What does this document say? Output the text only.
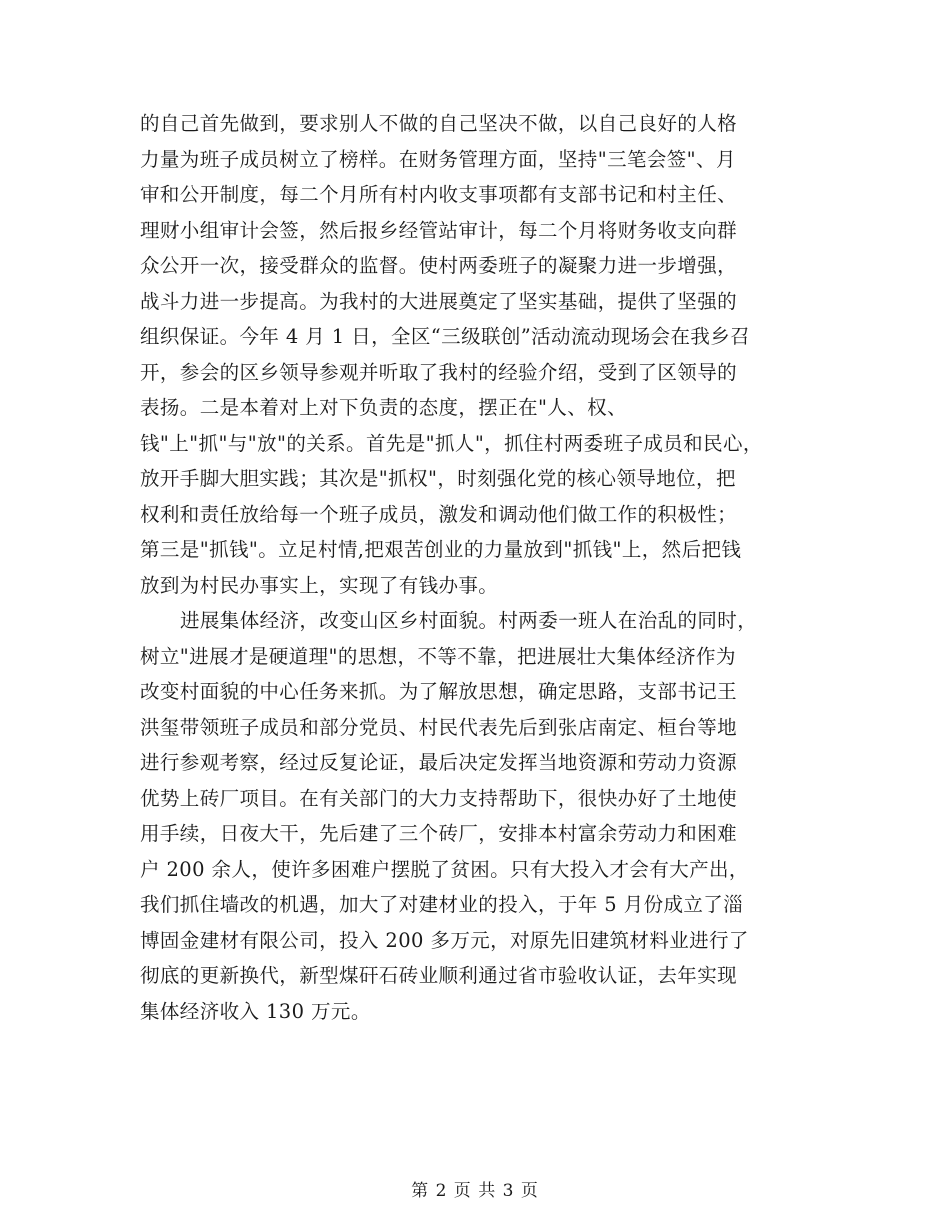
的自己首先做到，要求别人不做的自己坚决不做，以自己良好的人格
力量为班子成员树立了榜样。在财务管理方面，坚持"三笔会签"、月
审和公开制度，每二个月所有村内收支事项都有支部书记和村主任、
理财小组审计会签，然后报乡经管站审计，每二个月将财务收支向群
众公开一次，接受群众的监督。使村两委班子的凝聚力进一步增强，
战斗力进一步提高。为我村的大进展奠定了坚实基础，提供了坚强的
组织保证。今年 4 月 1 日，全区“三级联创”活动流动现场会在我乡召
开，参会的区乡领导参观并听取了我村的经验介绍，受到了区领导的
表扬。二是本着对上对下负责的态度，摆正在"人、权、
钱"上"抓"与"放"的关系。首先是"抓人"，抓住村两委班子成员和民心，
放开手脚大胆实践；其次是"抓权"，时刻强化党的核心领导地位，把
权利和责任放给每一个班子成员，激发和调动他们做工作的积极性；
第三是"抓钱"。立足村情,把艰苦创业的力量放到"抓钱"上，然后把钱
放到为村民办事实上，实现了有钱办事。
进展集体经济，改变山区乡村面貌。村两委一班人在治乱的同时，
树立"进展才是硬道理"的思想，不等不靠，把进展壮大集体经济作为
改变村面貌的中心任务来抓。为了解放思想，确定思路，支部书记王
洪玺带领班子成员和部分党员、村民代表先后到张店南定、桓台等地
进行参观考察，经过反复论证，最后决定发挥当地资源和劳动力资源
优势上砖厂项目。在有关部门的大力支持帮助下，很快办好了土地使
用手续，日夜大干，先后建了三个砖厂，安排本村富余劳动力和困难
户 200 余人，使许多困难户摆脱了贫困。只有大投入才会有大产出，
我们抓住墙改的机遇，加大了对建材业的投入，于年 5 月份成立了淄
博固金建材有限公司，投入 200 多万元，对原先旧建筑材料业进行了
彻底的更新换代，新型煤矸石砖业顺利通过省市验收认证，去年实现
集体经济收入 130 万元。
第 2 页 共 3 页
